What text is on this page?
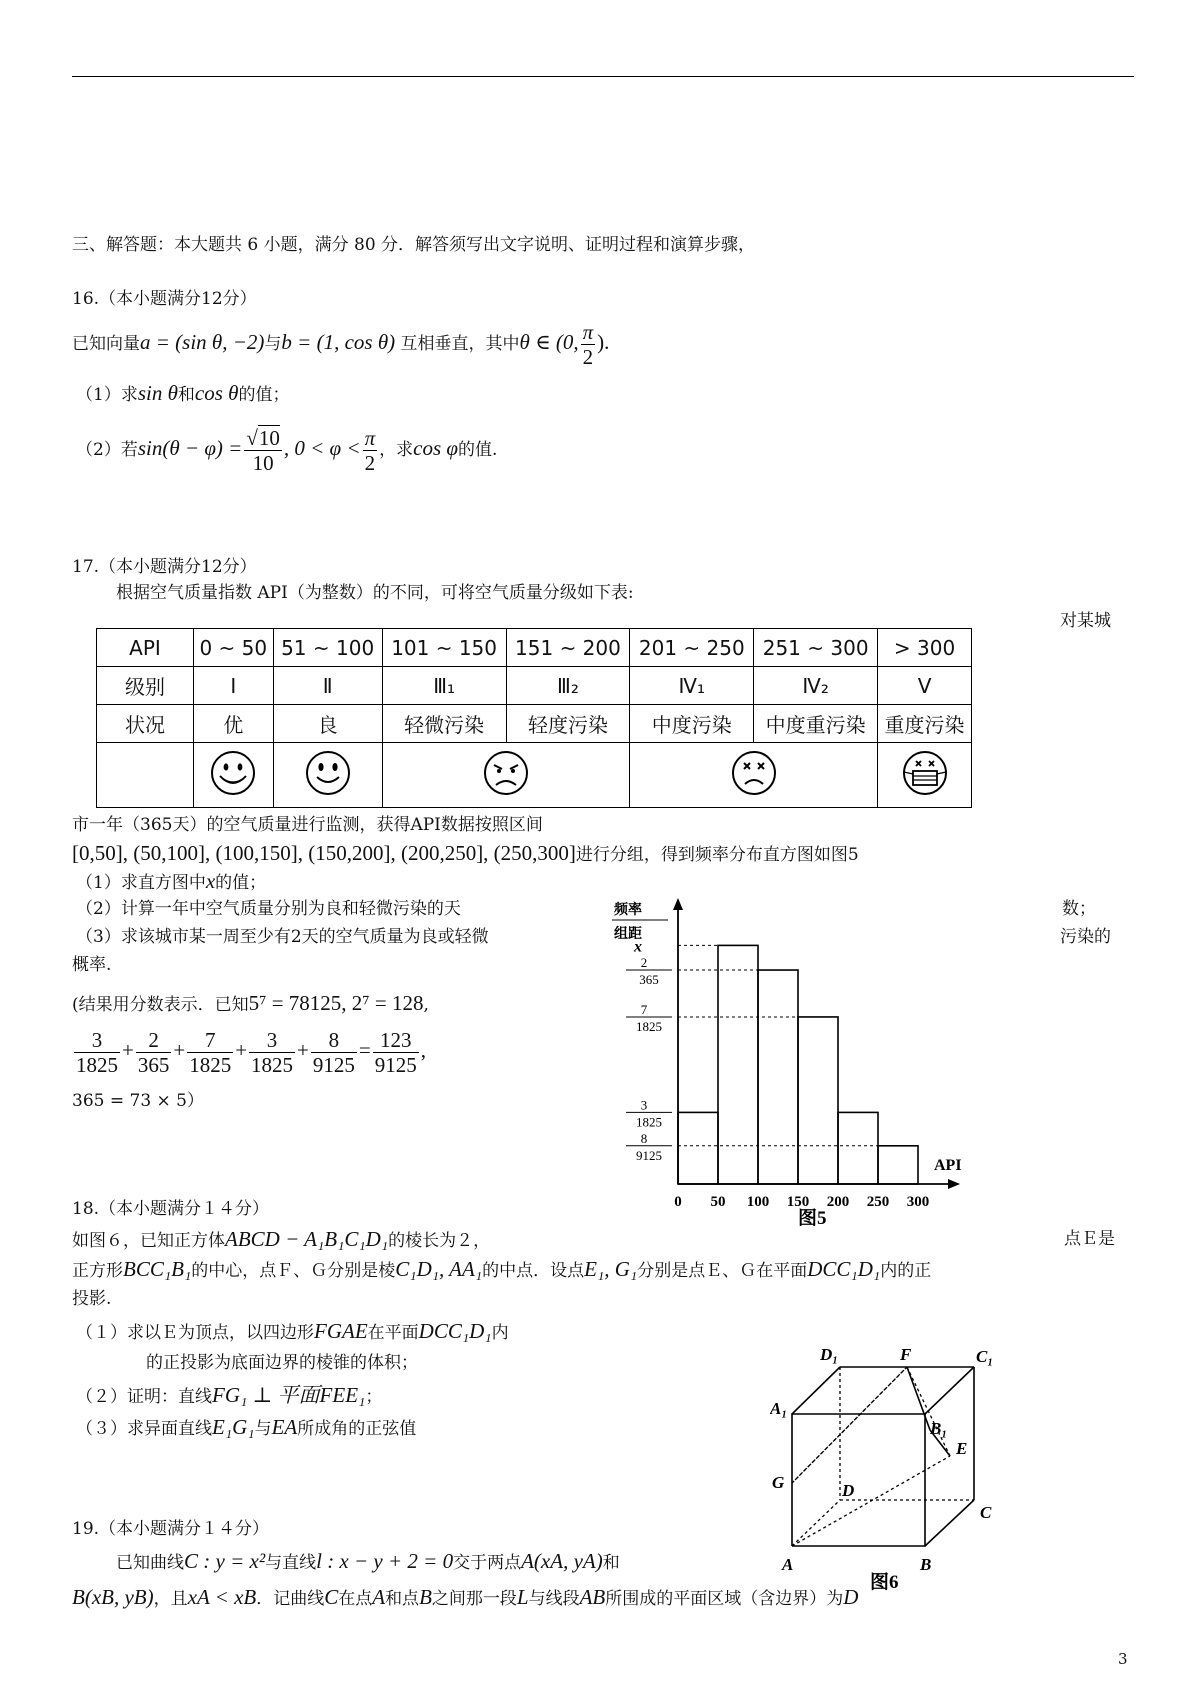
三、解答题：本大题共 6 小题，满分 80 分．解答须写出文字说明、证明过程和演算步骤，
16.（本小题满分12分）
已知向量a = (sin θ, −2)与b = (1, cos θ) 互相垂直，其中θ ∈ (0, $\frac{\pi}{2}$ ).
（1）求sin θ和cos θ的值；
（2）若$\sin(\theta - \varphi) = \frac{√10}{10}$ , $0 < \varphi < \frac{\pi}{2}$ ，求cos φ的值.
17.（本小题满分12分）
根据空气质量指数 API（为整数）的不同，可将空气质量分级如下表:
对某城
API	0 ~ 50	51 ~ 100	101 ~ 150	151 ~ 200	201 ~ 250	251 ~ 300	> 300
级别	Ⅰ	Ⅱ	Ⅲ₁	Ⅲ₂	Ⅳ₁	Ⅳ₂	Ⅴ
状况	优	良	轻微污染	轻度污染	中度污染	中度重污染	重度污染

市一年（365天）的空气质量进行监测，获得API数据按照区间
[0,50], (50,100], (100,150], (150,200], (200,250], (250,300]进行分组，得到频率分布直方图如图5
（1）求直方图中x的值；
（2）计算一年中空气质量分别为良和轻微污染的天	数；
（3）求该城市某一周至少有2天的空气质量为良或轻微	污染的
概率.
(结果用分数表示．已知5⁷ = 78125, 2⁷ = 128,
$\frac{3}{1825} + \frac{2}{365} + \frac{7}{1825} + \frac{3}{1825} + \frac{8}{9125} = \frac{123}{9125}$ ,
365 = 73 × 5）
x
2
365
7
1825
3
1825
8
9125
0 50 100 150 200 250 300
API
频率
组距
图5
18.（本小题满分１４分）
如图６，已知正方体ABCD − A₁B₁C₁D₁的棱长为２，	点Ｅ是
正方形BCC₁B₁的中心，点Ｆ、Ｇ分别是棱C₁D₁, AA₁的中点．设点E₁, G₁分别是点Ｅ、Ｇ在平面DCC₁D₁内的正
投影.
（１）求以Ｅ为顶点，以四边形FGAE在平面DCC₁D₁内
的正投影为底面边界的棱锥的体积；
（２）证明：直线FG₁ ⊥ 平面FEE₁；
（３）求异面直线E₁G₁与EA所成角的正弦值
D₁	F	C₁
A₁
B₁
E
G	D
C
A	B
图6
19.（本小题满分１４分）
已知曲线C : y = x²与直线l : x − y + 2 = 0交于两点A(xA, yA)和
B(xB, yB)，且xA < xB．记曲线C在点A和点B之间那一段L与线段AB所围成的平面区域（含边界）为D
3
